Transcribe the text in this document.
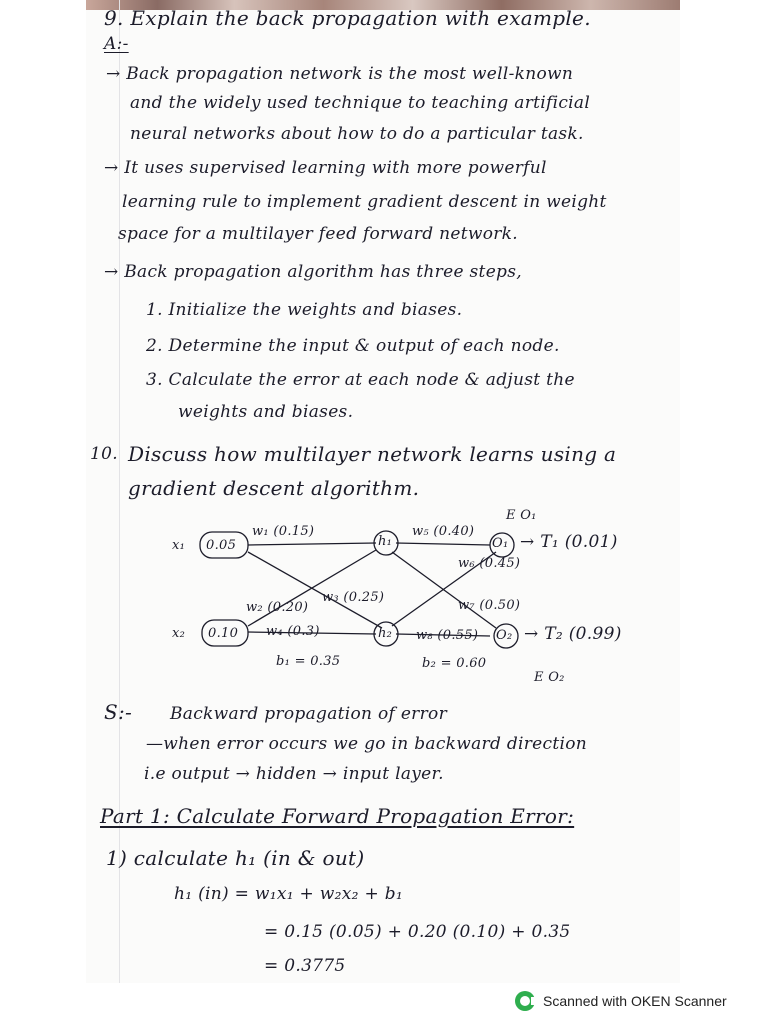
9. Explain the back propagation with example.
A:-
→ Back propagation network is the most well-known
and the widely used technique to teaching artificial
neural networks about how to do a particular task.
→ It uses supervised learning with more powerful
learning rule to implement gradient descent in weight
space for a multilayer feed forward network.
→ Back propagation algorithm has three steps,
1. Initialize the weights and biases.
2. Determine the input & output of each node.
3. Calculate the error at each node & adjust the
weights and biases.
10. Discuss how multilayer network learns using a
gradient descent algorithm.
x₁ 0.05
x₂ 0.10
h₁
h₂
O₁
O₂
w₁ (0.15)
w₂ (0.20)
w₃ (0.25)
w₄ (0.3)
w₅ (0.40)
w₆ (0.45)
w₇ (0.50)
w₈ (0.55)
→ T₁ (0.01)
→ T₂ (0.99)
E O₁
E O₂
b₁ = 0.35	b₂ = 0.60
S:- Backward propagation of error
—when error occurs we go in backward direction
i.e output → hidden → input layer.
Part 1: Calculate Forward Propagation Error:
1) calculate h₁ (in & out)
h₁ (in) = w₁x₁ + w₂x₂ + b₁
= 0.15 (0.05) + 0.20 (0.10) + 0.35
= 0.3775
Scanned with OKEN Scanner
